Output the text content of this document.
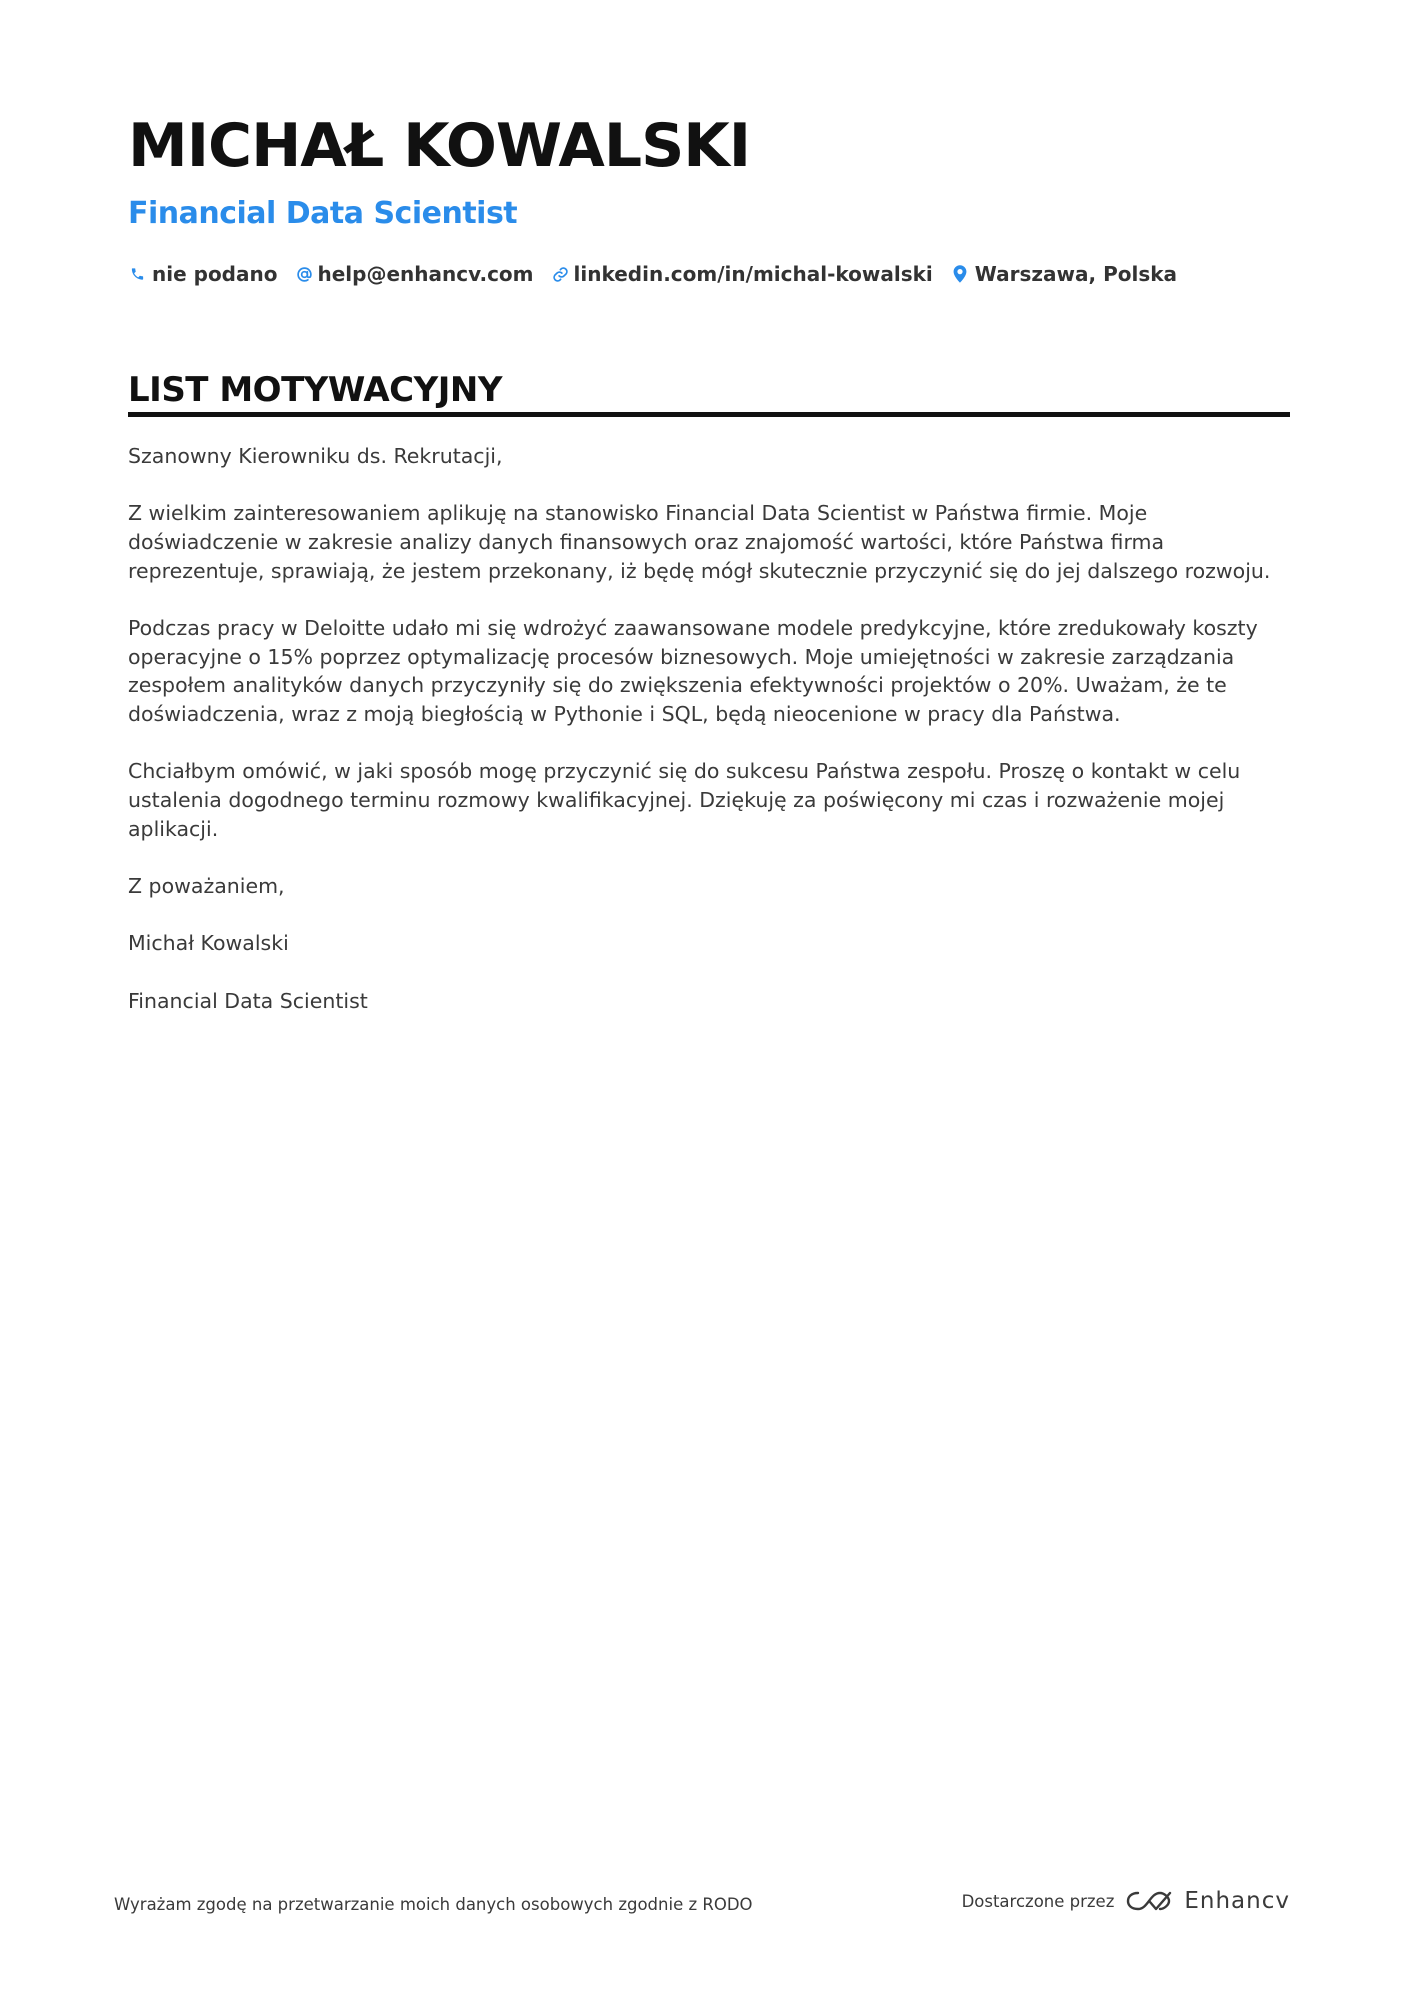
MICHAŁ KOWALSKI
Financial Data Scientist
nie podano help@enhancv.com linkedin.com/in/michal-kowalski Warszawa, Polska
LIST MOTYWACYJNY

Szanowny Kierowniku ds. Rekrutacji,

Z wielkim zainteresowaniem aplikuję na stanowisko Financial Data Scientist w Państwa firmie. Moje doświadczenie w zakresie analizy danych finansowych oraz znajomość wartości, które Państwa firma reprezentuje, sprawiają, że jestem przekonany, iż będę mógł skutecznie przyczynić się do jej dalszego rozwoju.

Podczas pracy w Deloitte udało mi się wdrożyć zaawansowane modele predykcyjne, które zredukowały koszty operacyjne o 15% poprzez optymalizację procesów biznesowych. Moje umiejętności w zakresie zarządzania zespołem analityków danych przyczyniły się do zwiększenia efektywności projektów o 20%. Uważam, że te doświadczenia, wraz z moją biegłością w Pythonie i SQL, będą nieocenione w pracy dla Państwa.

Chciałbym omówić, w jaki sposób mogę przyczynić się do sukcesu Państwa zespołu. Proszę o kontakt w celu ustalenia dogodnego terminu rozmowy kwalifikacyjnej. Dziękuję za poświęcony mi czas i rozważenie mojej aplikacji.

Z poważaniem,

Michał Kowalski

Financial Data Scientist

Wyrażam zgodę na przetwarzanie moich danych osobowych zgodnie z RODO	Dostarczone przez	Enhancv
